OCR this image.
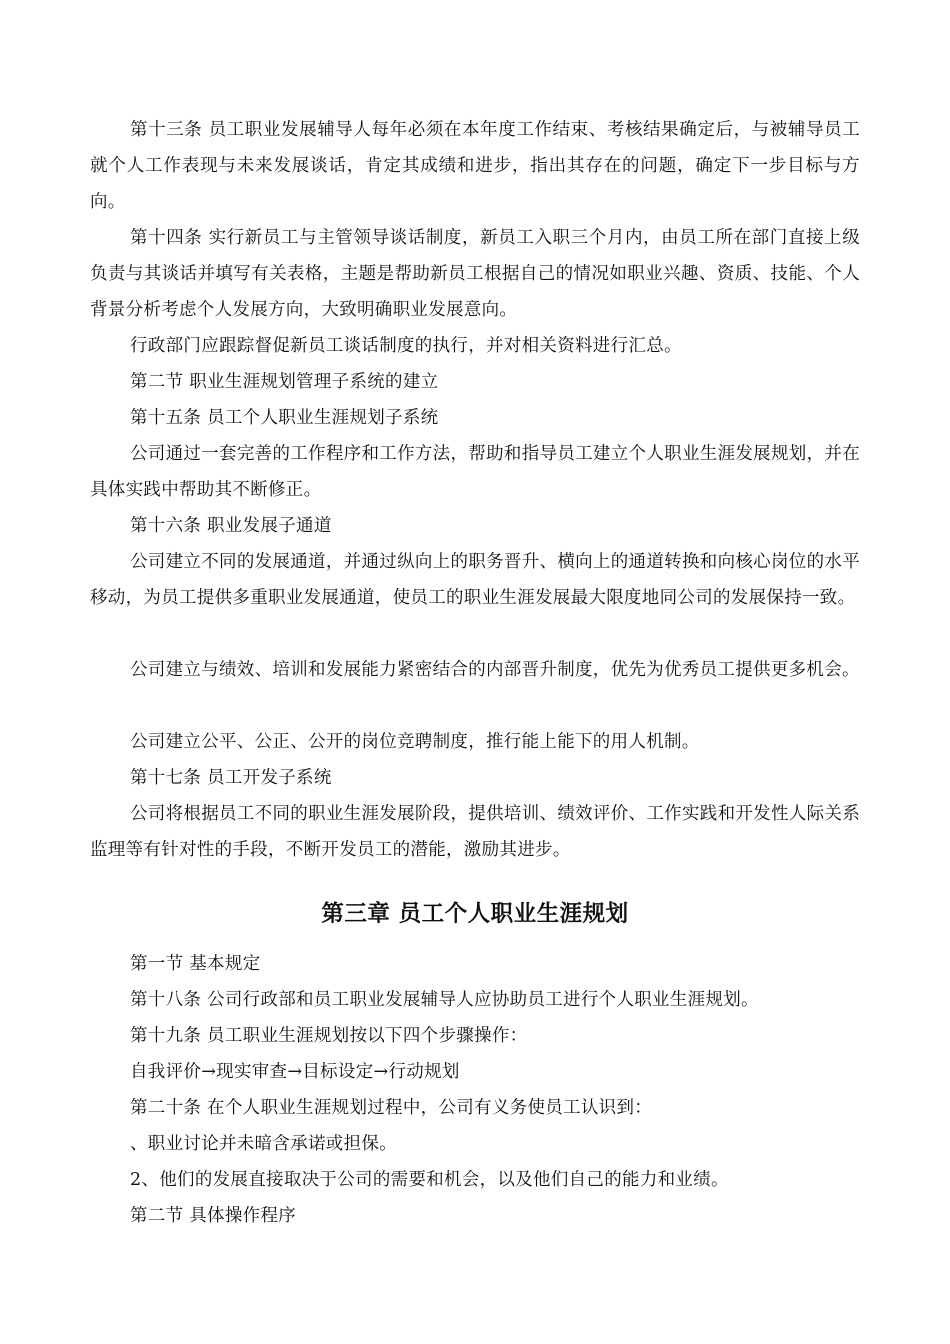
第十三条 员工职业发展辅导人每年必须在本年度工作结束、考核结果确定后，与被辅导员工就个人工作表现与未来发展谈话，肯定其成绩和进步，指出其存在的问题，确定下一步目标与方向。

第十四条 实行新员工与主管领导谈话制度，新员工入职三个月内，由员工所在部门直接上级负责与其谈话并填写有关表格，主题是帮助新员工根据自己的情况如职业兴趣、资质、技能、个人背景分析考虑个人发展方向，大致明确职业发展意向。

行政部门应跟踪督促新员工谈话制度的执行，并对相关资料进行汇总。

第二节 职业生涯规划管理子系统的建立

第十五条 员工个人职业生涯规划子系统

公司通过一套完善的工作程序和工作方法，帮助和指导员工建立个人职业生涯发展规划，并在具体实践中帮助其不断修正。

第十六条 职业发展子通道

公司建立不同的发展通道，并通过纵向上的职务晋升、横向上的通道转换和向核心岗位的水平移动，为员工提供多重职业发展通道，使员工的职业生涯发展最大限度地同公司的发展保持一致。

公司建立与绩效、培训和发展能力紧密结合的内部晋升制度，优先为优秀员工提供更多机会。

公司建立公平、公正、公开的岗位竞聘制度，推行能上能下的用人机制。

第十七条 员工开发子系统

公司将根据员工不同的职业生涯发展阶段，提供培训、绩效评价、工作实践和开发性人际关系监理等有针对性的手段，不断开发员工的潜能，激励其进步。

第三章 员工个人职业生涯规划

第一节 基本规定

第十八条 公司行政部和员工职业发展辅导人应协助员工进行个人职业生涯规划。

第十九条 员工职业生涯规划按以下四个步骤操作：

自我评价→现实审查→目标设定→行动规划

第二十条 在个人职业生涯规划过程中，公司有义务使员工认识到：

、职业讨论并未暗含承诺或担保。

2、他们的发展直接取决于公司的需要和机会，以及他们自己的能力和业绩。

第二节 具体操作程序
